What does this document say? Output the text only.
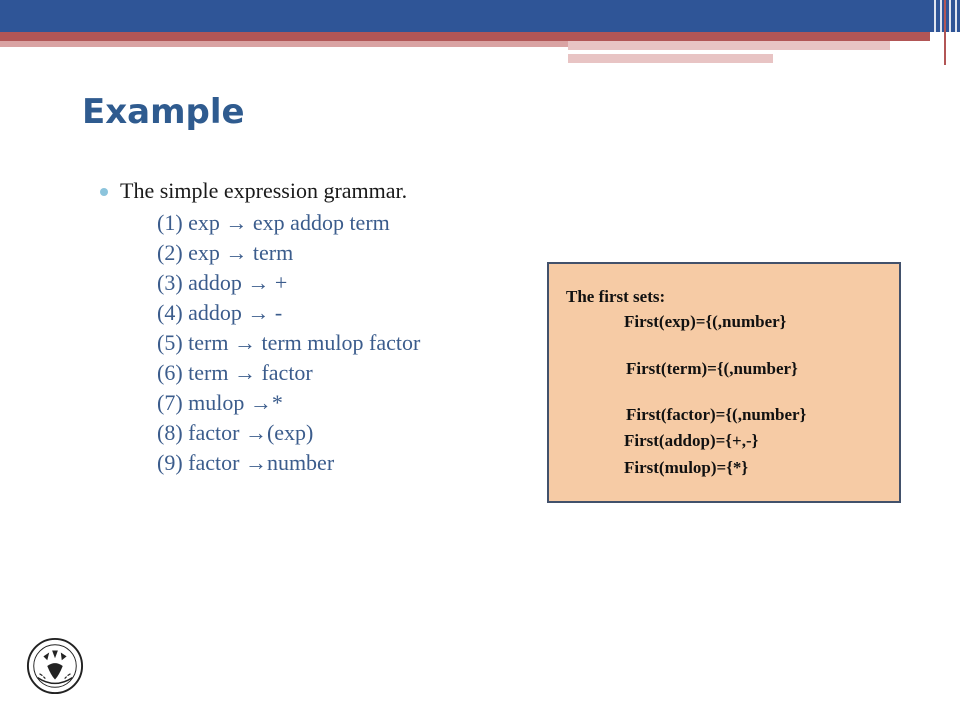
Example
The simple expression grammar.
(1) exp → exp addop term
(2) exp → term
(3) addop → +
(4) addop → -
(5) term → term mulop factor
(6) term → factor
(7) mulop →*
(8) factor →(exp)
(9) factor →number
The first sets:
First(exp)={(,number}
First(term)={(,number}
First(factor)={(,number}
First(addop)={+,-}
First(mulop)={*}
